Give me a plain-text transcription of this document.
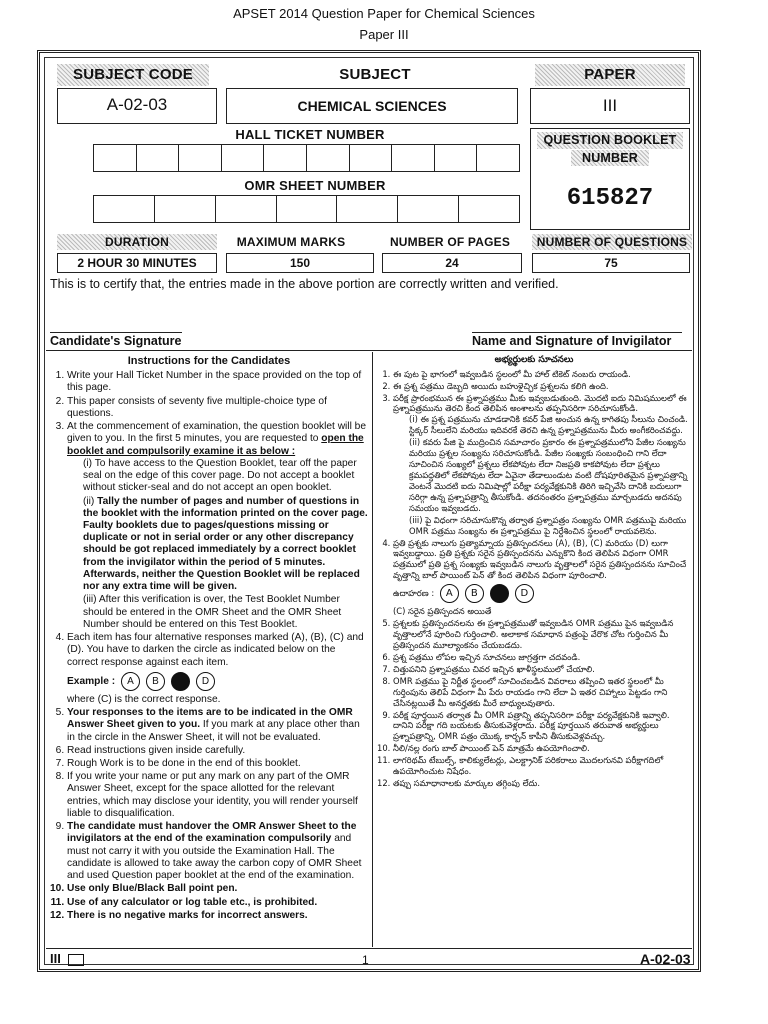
APSET 2014 Question Paper for Chemical Sciences
Paper III
SUBJECT CODE	SUBJECT	PAPER
A-02-03	CHEMICAL SCIENCES	III
HALL TICKET NUMBER
OMR SHEET NUMBER
QUESTION BOOKLET
NUMBER
615827
DURATION	MAXIMUM MARKS	NUMBER OF PAGES	NUMBER OF QUESTIONS
2 HOUR 30 MINUTES	150	24	75
This is to certify that, the entries made in the above portion are correctly written and verified.
Candidate's Signature	Name and Signature of Invigilator
Instructions for the Candidates
1. Write your Hall Ticket Number in the space provided on the top of this page.
2. This paper consists of seventy five multiple-choice type of questions.
3. At the commencement of examination, the question booklet will be given to you. In the first 5 minutes, you are requested to open the booklet and compulsorily examine it as below :
(i) To have access to the Question Booklet, tear off the paper seal on the edge of this cover page. Do not accept a booklet without sticker-seal and do not accept an open booklet.
(ii) Tally the number of pages and number of questions in the booklet with the information printed on the cover page. Faulty booklets due to pages/questions missing or duplicate or not in serial order or any other discrepancy should be got replaced immediately by a correct booklet from the invigilator within the period of 5 minutes. Afterwards, neither the Question Booklet will be replaced nor any extra time will be given.
(iii) After this verification is over, the Test Booklet Number should be entered in the OMR Sheet and the OMR Sheet Number should be entered on this Test Booklet.
4. Each item has four alternative responses marked (A), (B), (C) and (D). You have to darken the circle as indicated below on the correct response against each item.
Example : A B	D
where (C) is the correct response.
5. Your responses to the items are to be indicated in the OMR Answer Sheet given to you. If you mark at any place other than in the circle in the Answer Sheet, it will not be evaluated.
6. Read instructions given inside carefully.
7. Rough Work is to be done in the end of this booklet.
8. If you write your name or put any mark on any part of the OMR Answer Sheet, except for the space allotted for the relevant entries, which may disclose your identity, you will render yourself liable to disqualification.
9. The candidate must handover the OMR Answer Sheet to the invigilators at the end of the examination compulsorily and must not carry it with you outside the Examination Hall. The candidate is allowed to take away the carbon copy of OMR Sheet and used Question paper booklet at the end of the examination.
10. Use only Blue/Black Ball point pen.
11. Use of any calculator or log table etc., is prohibited.
12. There is no negative marks for incorrect answers.
అభ్యర్థులకు సూచనలు
1. ఈ పుట పై భాగంలో ఇవ్వబడిన స్థలంలో మీ హాల్ టికెట్ నంబరు రాయండి.
2. ఈ ప్రశ్న పత్రము డెబ్బది అయిదు బహుళైచ్ఛిక ప్రశ్నలను కలిగి ఉంది.
3. పరీక్ష ప్రారంభమున ఈ ప్రశ్నాపత్రము మీకు ఇవ్వబడుతుంది. మొదటి ఐదు నిమిషములలో ఈ ప్రశ్నాపత్రమును తెరచి కింద తెలిపిన అంశాలను తప్పనిసరిగా సరిచూసుకోండి.
(i) ఈ ప్రశ్న పత్రమును చూడడానికి కవర్ పేజి అంచున ఉన్న కాగితపు సీలును చించండి. స్టిక్కర్ సీలులేని మరియు ఇదివరకే తెరచి ఉన్న ప్రశ్నాపత్రమును మీరు అంగీకరించవద్దు.
(ii) కవరు పేజి పై ముద్రించిన సమాచారం ప్రకారం ఈ ప్రశ్నాపత్రములోని పేజీల సంఖ్యను మరియు ప్రశ్నల సంఖ్యను సరిచూసుకోండి. పేజీల సంఖ్యకు సంబంధించి గాని లేదా సూచించిన సంఖ్యలో ప్రశ్నలు లేకపోవుట లేదా నిజప్రతి కాకపోవుట లేదా ప్రశ్నలు క్రమపద్ధతిలో లేకపోవుట లేదా ఏవైనా తేడాలుండుట వంటి దోషపూరితమైన ప్రశ్నాపత్రాన్ని వెంటనే మొదటి ఐదు నిమిషాల్లో పరీక్షా పర్యవేక్షకునికి తిరిగి ఇచ్చివేసి దానికి బదులుగా సరిగ్గా ఉన్న ప్రశ్నాపత్రాన్ని తీసుకోండి. తదనంతరం ప్రశ్నాపత్రము మార్చబడదు అదనపు సమయం ఇవ్వబడదు.
(iii) పై విధంగా సరిచూసుకొన్న తర్వాత ప్రశ్నాపత్రం సంఖ్యను OMR పత్రముపై మరియు OMR పత్రము సంఖ్యను ఈ ప్రశ్నాపత్రము పై నిర్దేశించిన స్థలంలో రాయవలెను.
4. ప్రతి ప్రశ్నకు నాలుగు ప్రత్యామ్నాయ ప్రతిస్పందనలు (A), (B), (C) మరియు (D) లుగా ఇవ్వబడ్డాయి. ప్రతి ప్రశ్నకు సరైన ప్రతిస్పందనను ఎన్నుకొని కింద తెలిపిన విధంగా OMR పత్రములో ప్రతి ప్రశ్న సంఖ్యకు ఇవ్వబడిన నాలుగు వృత్తాలలో సరైన ప్రతిస్పందనను సూచించే వృత్తాన్ని బాల్ పాయింట్ పెన్ తో కింద తెలిపిన విధంగా పూరించాలి.
ఉదాహరణ : A B	D
(C) సరైన ప్రతిస్పందన అయితే
5. ప్రశ్నలకు ప్రతిస్పందనలను ఈ ప్రశ్నాపత్రముతో ఇవ్వబడిన OMR పత్రము పైన ఇవ్వబడిన వృత్తాలలోనే పూరించి గుర్తించాలి. అలాకాక సమాధాన పత్రంపై వేరొక చోట గుర్తించిన మీ ప్రతిస్పందన మూల్యాంకనం చేయబడదు.
6. ప్రశ్న పత్రము లోపల ఇచ్చిన సూచనలు జాగ్రత్తగా చదవండి.
7. చిత్తుపనిని ప్రశ్నాపత్రము చివర ఇచ్చిన ఖాళీస్థలములో చేయాలి.
8. OMR పత్రము పై నిర్ణీత స్థలంలో సూచించబడిన వివరాలు తప్పించి ఇతర స్థలంలో మీ గుర్తింపును తెలిపే విధంగా మీ పేరు రాయడం గాని లేదా ఏ ఇతర చిహ్నాలు పెట్టడం గాని చేసినట్లయితే మీ అనర్హతకు మీరే బాధ్యులవుతారు.
9. పరీక్ష పూర్తయిన తర్వాత మీ OMR పత్రాన్ని తప్పనిసరిగా పరీక్షా పర్యవేక్షకునికి ఇవ్వాలి. దానిని పరీక్షా గది బయటకు తీసుకువెళ్లరాదు. పరీక్ష పూర్తయిన తరువాత అభ్యర్థులు ప్రశ్నాపత్రాన్ని, OMR పత్రం యొక్క కార్బన్ కాపీని తీసుకువెళ్లవచ్చు.
10. నీలి/నల్ల రంగు బాల్ పాయింట్ పెన్ మాత్రమే ఉపయోగించాలి.
11. లాగరిథమ్ టేబుల్స్, కాలిక్యులేటర్లు, ఎలక్ట్రానిక్ పరికరాలు మొదలగునవి పరీక్షాగదిలో ఉపయోగించుట నిషేధం.
12. తప్పు సమాధానాలకు మార్కుల తగ్గింపు లేదు.
III	1	A-02-03
